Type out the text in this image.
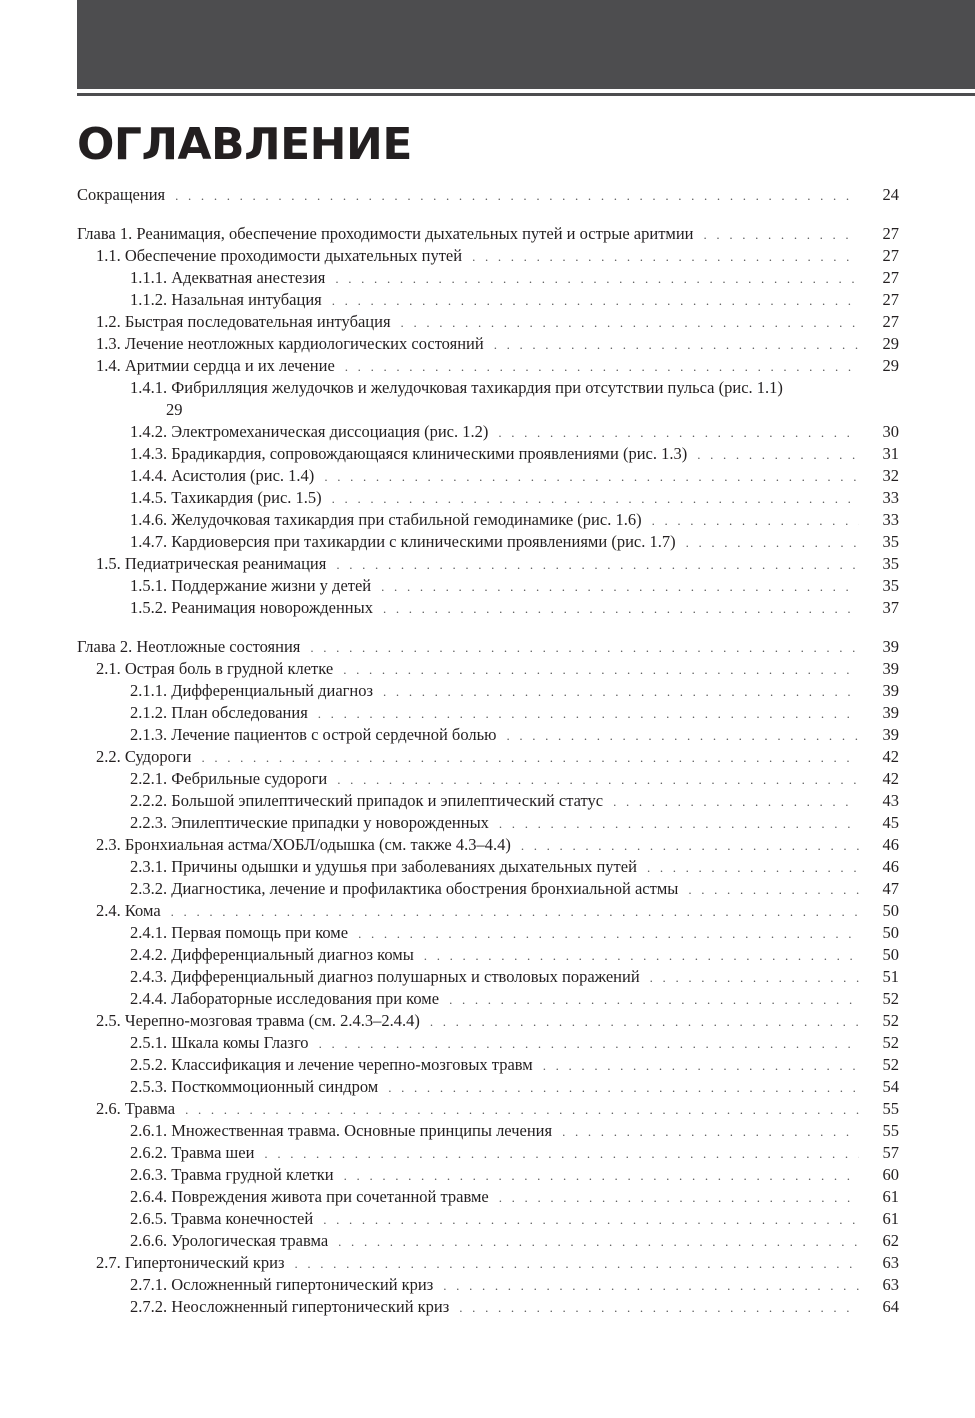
ОГЛАВЛЕНИЕ
Сокращения . . .	24
Глава 1. Реанимация, обеспечение проходимости дыхательных путей и острые аритмии . . .	27
1.1. Обеспечение проходимости дыхательных путей . . .	27
1.1.1. Адекватная анестезия . . .	27
1.1.2. Назальная интубация . . .	27
1.2. Быстрая последовательная интубация . . .	27
1.3. Лечение неотложных кардиологических состояний . . .	29
1.4. Аритмии сердца и их лечение . . .	29
1.4.1. Фибрилляция желудочков и желудочковая тахикардия при отсутствии пульса (рис. 1.1)
29
1.4.2. Электромеханическая диссоциация (рис. 1.2) . . .	30
1.4.3. Брадикардия, сопровождающаяся клиническими проявлениями (рис. 1.3) . . .	31
1.4.4. Асистолия (рис. 1.4) . . .	32
1.4.5. Тахикардия (рис. 1.5) . . .	33
1.4.6. Желудочковая тахикардия при стабильной гемодинамике (рис. 1.6) . . .	33
1.4.7. Кардиоверсия при тахикардии с клиническими проявлениями (рис. 1.7) . . .	35
1.5. Педиатрическая реанимация . . .	35
1.5.1. Поддержание жизни у детей . . .	35
1.5.2. Реанимация новорожденных . . .	37
Глава 2. Неотложные состояния . . .	39
2.1. Острая боль в грудной клетке . . .	39
2.1.1. Дифференциальный диагноз . . .	39
2.1.2. План обследования . . .	39
2.1.3. Лечение пациентов с острой сердечной болью . . .	39
2.2. Судороги . . .	42
2.2.1. Фебрильные судороги . . .	42
2.2.2. Большой эпилептический припадок и эпилептический статус . . .	43
2.2.3. Эпилептические припадки у новорожденных . . .	45
2.3. Бронхиальная астма/ХОБЛ/одышка (см. также 4.3–4.4) . . .	46
2.3.1. Причины одышки и удушья при заболеваниях дыхательных путей . . .	46
2.3.2. Диагностика, лечение и профилактика обострения бронхиальной астмы . . .	47
2.4. Кома . . .	50
2.4.1. Первая помощь при коме . . .	50
2.4.2. Дифференциальный диагноз комы . . .	50
2.4.3. Дифференциальный диагноз полушарных и стволовых поражений . . .	51
2.4.4. Лабораторные исследования при коме . . .	52
2.5. Черепно-мозговая травма (см. 2.4.3–2.4.4) . . .	52
2.5.1. Шкала комы Глазго . . .	52
2.5.2. Классификация и лечение черепно-мозговых травм . . .	52
2.5.3. Посткоммоционный синдром . . .	54
2.6. Травма . . .	55
2.6.1. Множественная травма. Основные принципы лечения . . .	55
2.6.2. Травма шеи . . .	57
2.6.3. Травма грудной клетки . . .	60
2.6.4. Повреждения живота при сочетанной травме . . .	61
2.6.5. Травма конечностей . . .	61
2.6.6. Урологическая травма . . .	62
2.7. Гипертонический криз . . .	63
2.7.1. Осложненный гипертонический криз . . .	63
2.7.2. Неосложненный гипертонический криз . . .	64
